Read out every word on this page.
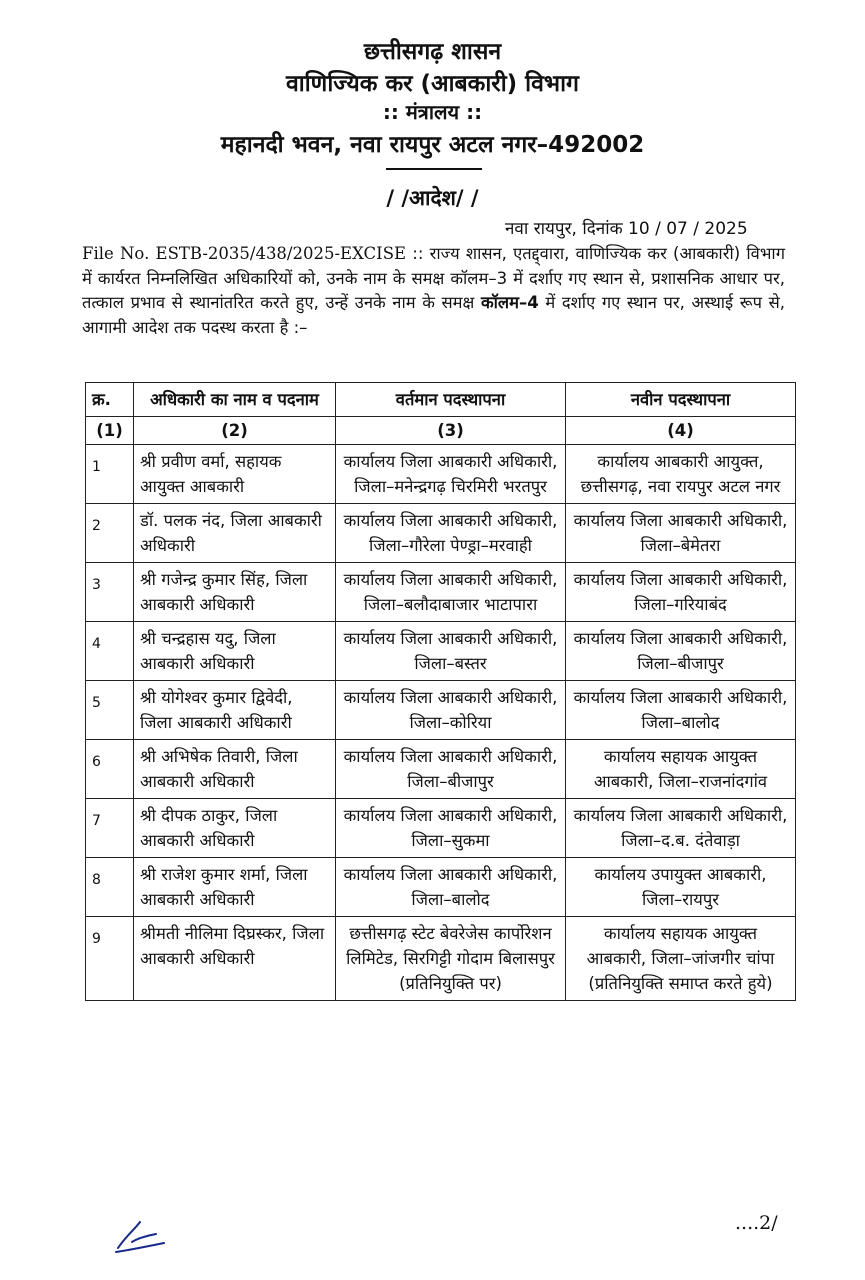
छत्तीसगढ़ शासन
वाणिज्यिक कर (आबकारी) विभाग
:: मंत्रालय ::
महानदी भवन, नवा रायपुर अटल नगर–492002
/ /आदेश/ /
नवा रायपुर, दिनांक 10 / 07 / 2025
File No. ESTB-2035/438/2025-EXCISE :: राज्य शासन, एतद्द्वारा, वाणिज्यिक कर (आबकारी) विभाग में कार्यरत निम्नलिखित अधिकारियों को, उनके नाम के समक्ष कॉलम–3 में दर्शाए गए स्थान से, प्रशासनिक आधार पर, तत्काल प्रभाव से स्थानांतरित करते हुए, उन्हें उनके नाम के समक्ष कॉलम–4 में दर्शाए गए स्थान पर, अस्थाई रूप से, आगामी आदेश तक पदस्थ करता है :–
क्र.	अधिकारी का नाम व पदनाम	वर्तमान पदस्थापना	नवीन पदस्थापना
(1)	(2)	(3)	(4)
1	श्री प्रवीण वर्मा, सहायक आयुक्त आबकारी	कार्यालय जिला आबकारी अधिकारी, जिला–मनेन्द्रगढ़ चिरमिरी भरतपुर	कार्यालय आबकारी आयुक्त, छत्तीसगढ़, नवा रायपुर अटल नगर
2	डॉ. पलक नंद, जिला आबकारी अधिकारी	कार्यालय जिला आबकारी अधिकारी, जिला–गौरेला पेण्ड्रा–मरवाही	कार्यालय जिला आबकारी अधिकारी, जिला–बेमेतरा
3	श्री गजेन्द्र कुमार सिंह, जिला आबकारी अधिकारी	कार्यालय जिला आबकारी अधिकारी, जिला–बलौदाबाजार भाटापारा	कार्यालय जिला आबकारी अधिकारी, जिला–गरियाबंद
4	श्री चन्द्रहास यदु, जिला आबकारी अधिकारी	कार्यालय जिला आबकारी अधिकारी, जिला–बस्तर	कार्यालय जिला आबकारी अधिकारी, जिला–बीजापुर
5	श्री योगेश्वर कुमार द्विवेदी, जिला आबकारी अधिकारी	कार्यालय जिला आबकारी अधिकारी, जिला–कोरिया	कार्यालय जिला आबकारी अधिकारी, जिला–बालोद
6	श्री अभिषेक तिवारी, जिला आबकारी अधिकारी	कार्यालय जिला आबकारी अधिकारी, जिला–बीजापुर	कार्यालय सहायक आयुक्त आबकारी, जिला–राजनांदगांव
7	श्री दीपक ठाकुर, जिला आबकारी अधिकारी	कार्यालय जिला आबकारी अधिकारी, जिला–सुकमा	कार्यालय जिला आबकारी अधिकारी, जिला–द.ब. दंतेवाड़ा
8	श्री राजेश कुमार शर्मा, जिला आबकारी अधिकारी	कार्यालय जिला आबकारी अधिकारी, जिला–बालोद	कार्यालय उपायुक्त आबकारी, जिला–रायपुर
9	श्रीमती नीलिमा दिघ्रस्कर, जिला आबकारी अधिकारी	छत्तीसगढ़ स्टेट बेवरेजेस कार्पोरेशन लिमिटेड, सिरगिट्टी गोदाम बिलासपुर (प्रतिनियुक्ति पर)	कार्यालय सहायक आयुक्त आबकारी, जिला–जांजगीर चांपा (प्रतिनियुक्ति समाप्त करते हुये)
....2/
